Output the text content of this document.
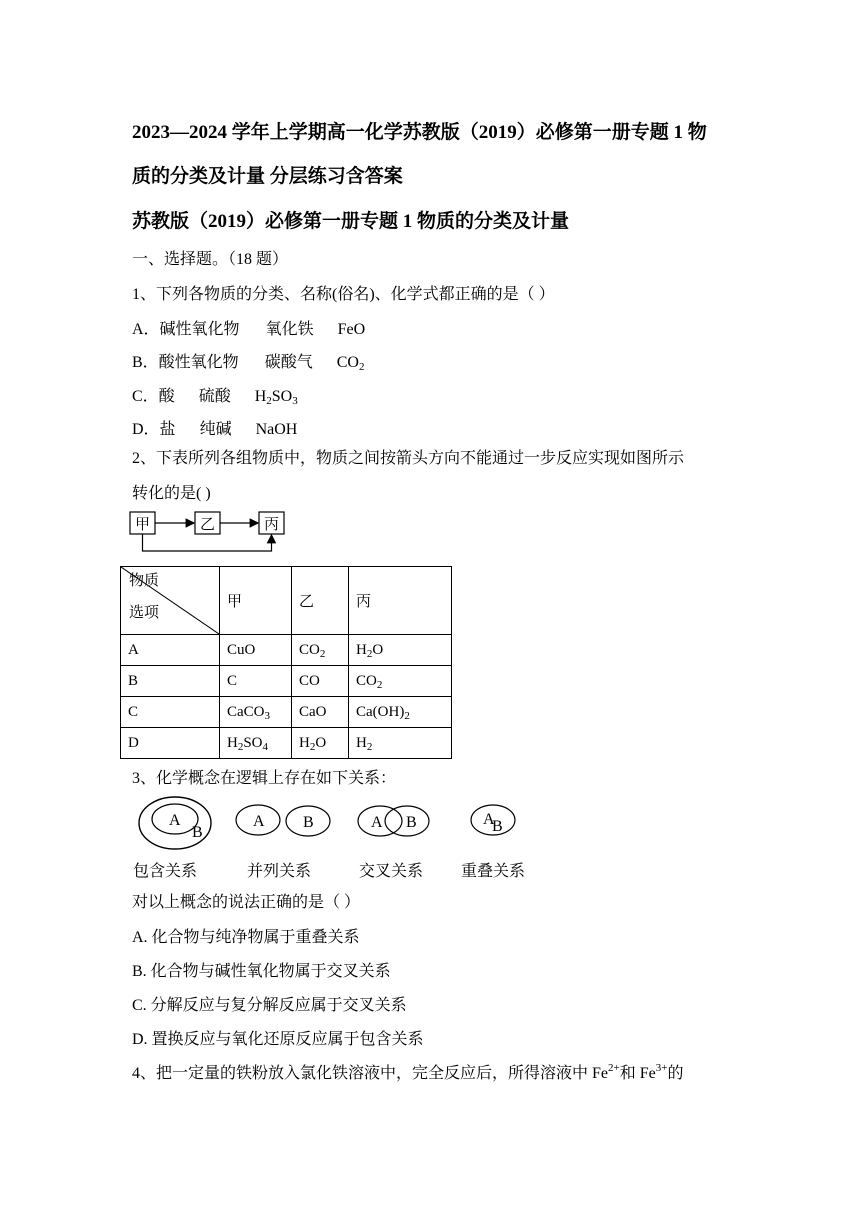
2023—2024 学年上学期高一化学苏教版（2019）必修第一册专题 1 物
质的分类及计量 分层练习含答案
苏教版（2019）必修第一册专题 1 物质的分类及计量
一、选择题。（18 题）
1、下列各物质的分类、名称(俗名)、化学式都正确的是（ ）
A．碱性氧化物 氧化铁 FeO
B．酸性氧化物 碳酸气 $CO_2$
C．酸 硫酸 $H_2SO_3$
D．盐 纯碱 NaOH
2、下表所列各组物质中，物质之间按箭头方向不能通过一步反应实现如图所示
转化的是( )
甲	乙	丙
物质
选项	甲	乙	丙
A	CuO	$CO_2$	$H_2O$
B	C	CO	$CO_2$
C	CaCO$_3$	CaO	$Ca(OH)_2$
D	$H_2SO_4$	$H_2O$	$H_2$
3、化学概念在逻辑上存在如下关系：
A
B
A B	A B	A
B
包含关系	并列关系	交叉关系 重叠关系
对以上概念的说法正确的是（ ）
A. 化合物与纯净物属于重叠关系
B. 化合物与碱性氧化物属于交叉关系
C. 分解反应与复分解反应属于交叉关系
D. 置换反应与氧化还原反应属于包含关系
4、把一定量的铁粉放入氯化铁溶液中，完全反应后，所得溶液中 $Fe^{2+}$和 $Fe^{3+}$的
